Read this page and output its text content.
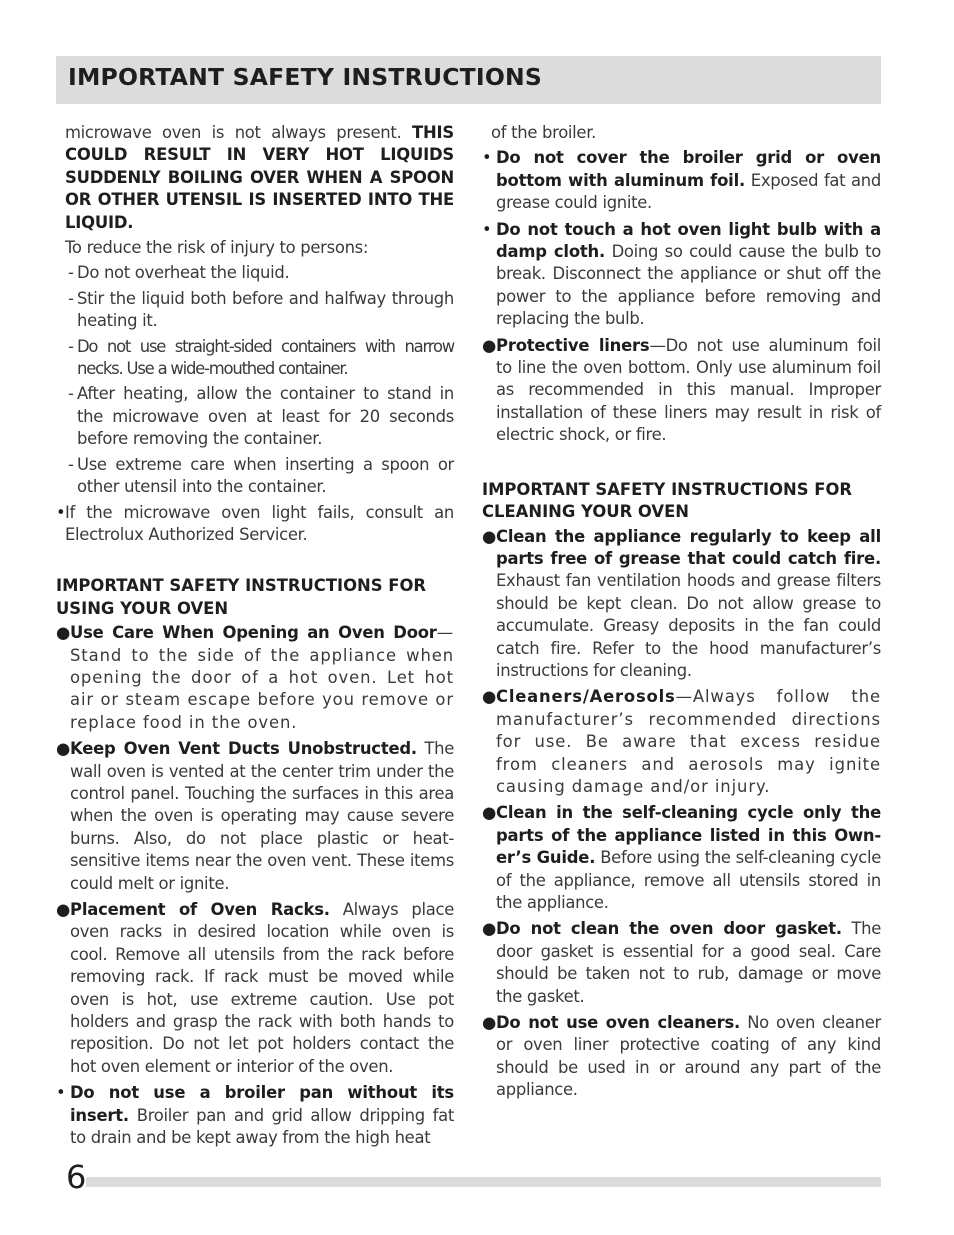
IMPORTANT SAFETY INSTRUCTIONS

microwave oven is not always present. THIS COULD RESULT IN VERY HOT LIQUIDS SUDDENLY BOILING OVER WHEN A SPOON OR OTHER UTENSIL IS INSERTED INTO THE LIQUID.

To reduce the risk of injury to persons:

- Do not overheat the liquid.

- Stir the liquid both before and halfway through heating it.

- Do not use straight-sided containers with narrow necks. Use a wide-mouthed container.

- After heating, allow the container to stand in the microwave oven at least for 20 seconds before removing the container.

- Use extreme care when inserting a spoon or other utensil into the container.

• If the microwave oven light fails, consult an Electrolux Authorized Servicer.

IMPORTANT SAFETY INSTRUCTIONS FOR USING YOUR OVEN

● Use Care When Opening an Oven Door—Stand to the side of the appliance when opening the door of a hot oven. Let hot air or steam escape before you remove or replace food in the oven.

● Keep Oven Vent Ducts Unobstructed. The wall oven is vented at the center trim under the control panel. Touching the surfaces in this area when the oven is operating may cause severe burns. Also, do not place plastic or heat-sensitive items near the oven vent. These items could melt or ignite.

● Placement of Oven Racks. Always place oven racks in desired location while oven is cool. Remove all utensils from the rack before removing rack. If rack must be moved while oven is hot, use extreme caution. Use pot holders and grasp the rack with both hands to reposition. Do not let pot holders contact the hot oven element or interior of the oven.

• Do not use a broiler pan without its insert. Broiler pan and grid allow dripping fat to drain and be kept away from the high heat

of the broiler.

• Do not cover the broiler grid or oven bottom with aluminum foil. Exposed fat and grease could ignite.

• Do not touch a hot oven light bulb with a damp cloth. Doing so could cause the bulb to break. Disconnect the appliance or shut off the power to the appliance before removing and replacing the bulb.

● Protective liners—Do not use aluminum foil to line the oven bottom. Only use aluminum foil as recommended in this manual. Improper installation of these liners may result in risk of electric shock, or fire.

IMPORTANT SAFETY INSTRUCTIONS FOR CLEANING YOUR OVEN

● Clean the appliance regularly to keep all parts free of grease that could catch fire. Exhaust fan ventilation hoods and grease filters should be kept clean. Do not allow grease to accumulate. Greasy deposits in the fan could catch fire. Refer to the hood manufacturer’s instructions for cleaning.

● Cleaners/Aerosols—Always follow the manufacturer’s recommended directions for use. Be aware that excess residue from cleaners and aerosols may ignite causing damage and/or injury.

● Clean in the self-cleaning cycle only the parts of the appliance listed in this Own-er’s Guide. Before using the self-cleaning cycle of the appliance, remove all utensils stored in the appliance.

● Do not clean the oven door gasket. The door gasket is essential for a good seal. Care should be taken not to rub, damage or move the gasket.

● Do not use oven cleaners. No oven cleaner or oven liner protective coating of any kind should be used in or around any part of the appliance.

6
